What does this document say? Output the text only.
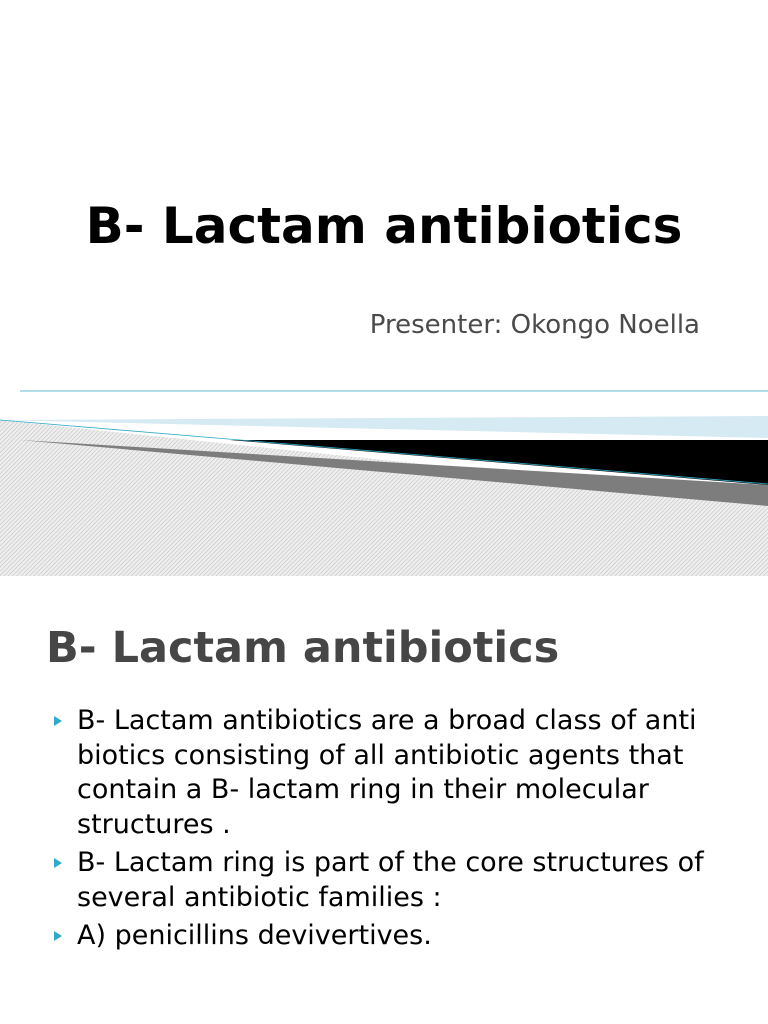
B- Lactam antibiotics
Presenter: Okongo Noella
B- Lactam antibiotics
B- Lactam antibiotics are a broad class of anti biotics consisting of all antibiotic agents that contain a B- lactam ring in their molecular structures .
B- Lactam ring is part of the core structures of several antibiotic families :
A) penicillins devivertives.
